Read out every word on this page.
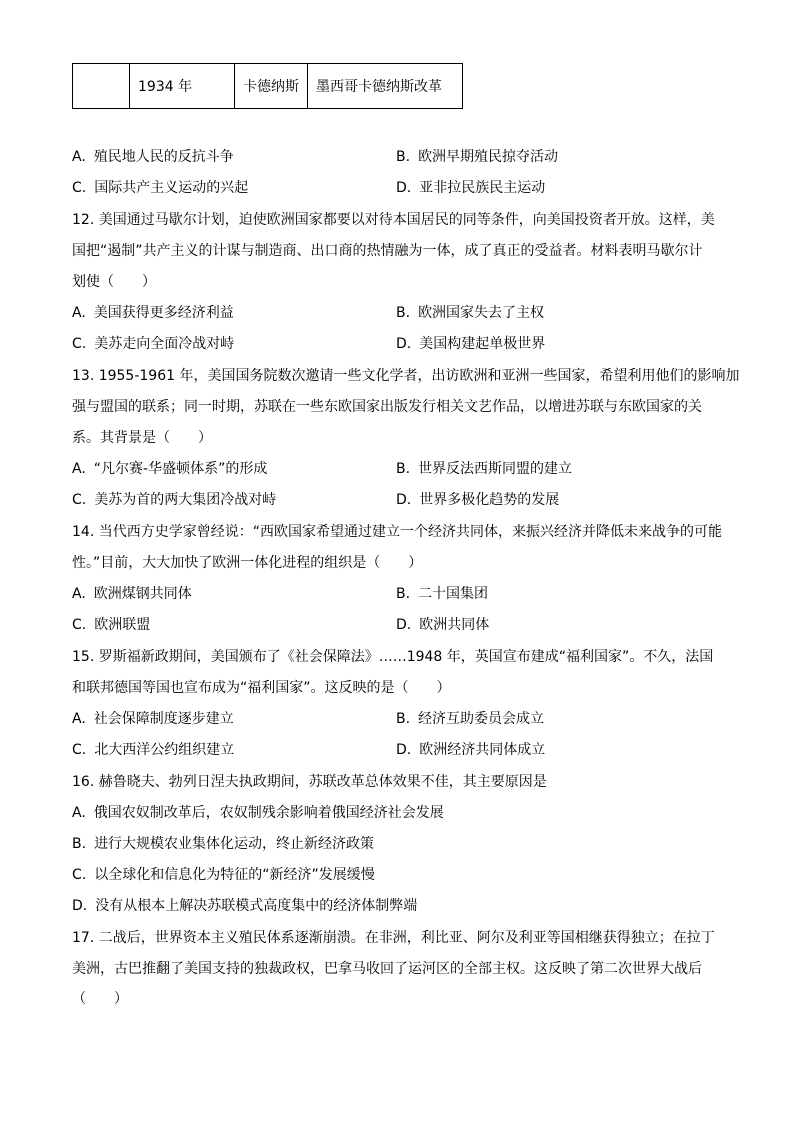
	1934 年	卡德纳斯	墨西哥卡德纳斯改革
A. 殖民地人民的反抗斗争	B. 欧洲早期殖民掠夺活动
C. 国际共产主义运动的兴起	D. 亚非拉民族民主运动
12. 美国通过马歇尔计划，迫使欧洲国家都要以对待本国居民的同等条件，向美国投资者开放。这样，美
国把“遏制”共产主义的计谋与制造商、出口商的热情融为一体，成了真正的受益者。材料表明马歇尔计
划使（　　）
A. 美国获得更多经济利益	B. 欧洲国家失去了主权
C. 美苏走向全面冷战对峙	D. 美国构建起单极世界
13. 1955-1961 年，美国国务院数次邀请一些文化学者，出访欧洲和亚洲一些国家，希望利用他们的影响加
强与盟国的联系；同一时期，苏联在一些东欧国家出版发行相关文艺作品，以增进苏联与东欧国家的关
系。其背景是（　　）
A. “凡尔赛-华盛顿体系”的形成	B. 世界反法西斯同盟的建立
C. 美苏为首的两大集团冷战对峙	D. 世界多极化趋势的发展
14. 当代西方史学家曾经说：“西欧国家希望通过建立一个经济共同体，来振兴经济并降低未来战争的可能
性。”目前，大大加快了欧洲一体化进程的组织是（　　）
A. 欧洲煤钢共同体	B. 二十国集团
C. 欧洲联盟	D. 欧洲共同体
15. 罗斯福新政期间，美国颁布了《社会保障法》……1948 年，英国宣布建成“福利国家”。不久，法国
和联邦德国等国也宣布成为“福利国家”。这反映的是（　　）
A. 社会保障制度逐步建立	B. 经济互助委员会成立
C. 北大西洋公约组织建立	D. 欧洲经济共同体成立
16. 赫鲁晓夫、勃列日涅夫执政期间，苏联改革总体效果不佳，其主要原因是
A. 俄国农奴制改革后，农奴制残余影响着俄国经济社会发展
B. 进行大规模农业集体化运动，终止新经济政策
C. 以全球化和信息化为特征的“新经济”发展缓慢
D. 没有从根本上解决苏联模式高度集中的经济体制弊端
17. 二战后，世界资本主义殖民体系逐渐崩溃。在非洲，利比亚、阿尔及利亚等国相继获得独立；在拉丁
美洲，古巴推翻了美国支持的独裁政权，巴拿马收回了运河区的全部主权。这反映了第二次世界大战后
（　　）
